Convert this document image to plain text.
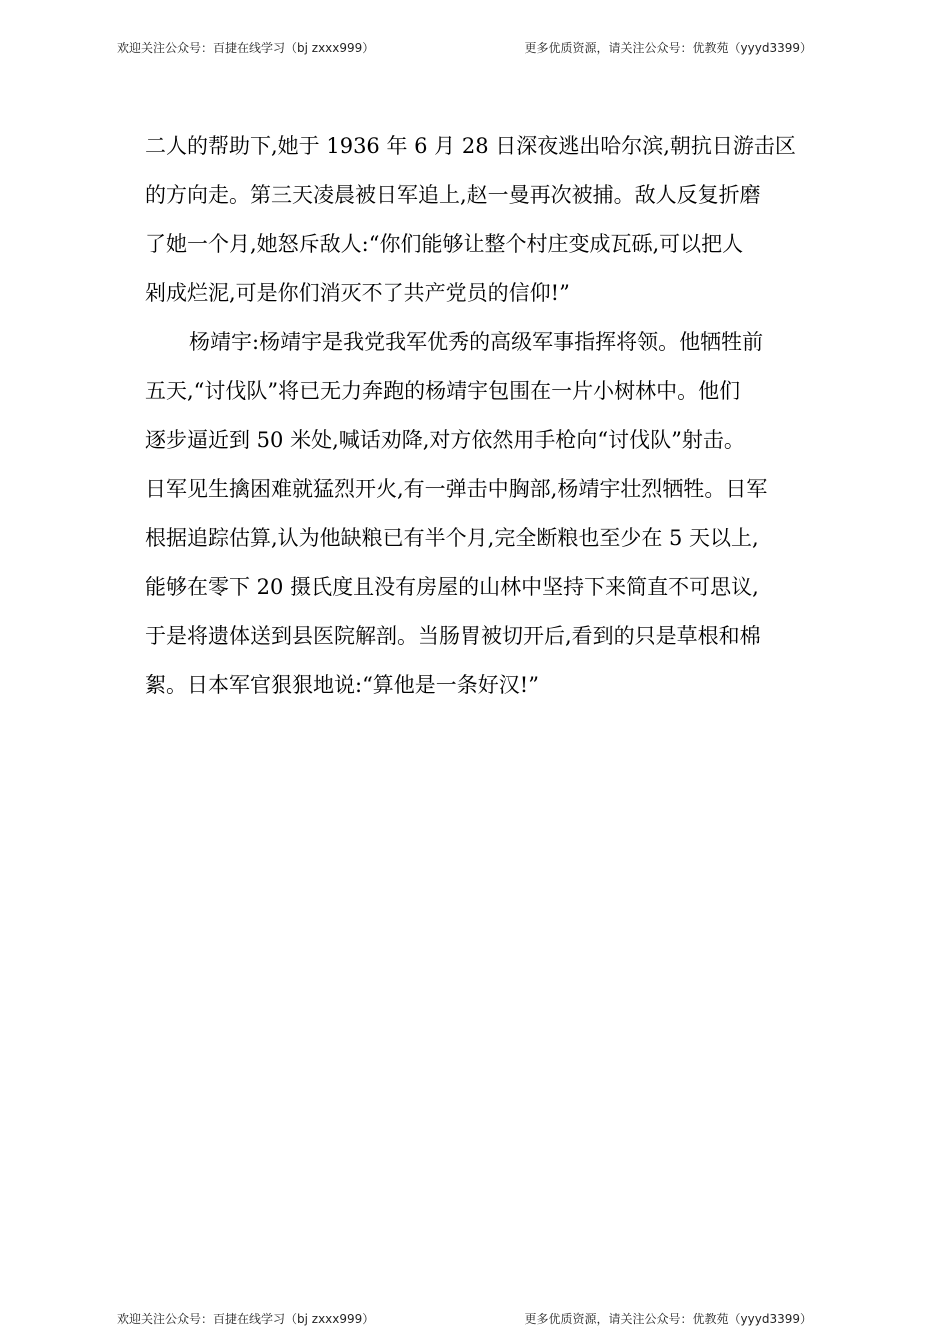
欢迎关注公众号：百捷在线学习（bj zxxx999）	更多优质资源，请关注公众号：优教苑（yyyd3399）
二人的帮助下,她于 1936 年 6 月 28 日深夜逃出哈尔滨,朝抗日游击区
的方向走。第三天凌晨被日军追上,赵一曼再次被捕。敌人反复折磨
了她一个月,她怒斥敌人:“你们能够让整个村庄变成瓦砾,可以把人
剁成烂泥,可是你们消灭不了共产党员的信仰!”
杨靖宇:杨靖宇是我党我军优秀的高级军事指挥将领。他牺牲前
五天,“讨伐队”将已无力奔跑的杨靖宇包围在一片小树林中。他们
逐步逼近到 50 米处,喊话劝降,对方依然用手枪向“讨伐队”射击。
日军见生擒困难就猛烈开火,有一弹击中胸部,杨靖宇壮烈牺牲。日军
根据追踪估算,认为他缺粮已有半个月,完全断粮也至少在 5 天以上,
能够在零下 20 摄氏度且没有房屋的山林中坚持下来简直不可思议,
于是将遗体送到县医院解剖。当肠胃被切开后,看到的只是草根和棉
絮。日本军官狠狠地说:“算他是一条好汉!”
欢迎关注公众号：百捷在线学习（bj zxxx999）	更多优质资源，请关注公众号：优教苑（yyyd3399）
